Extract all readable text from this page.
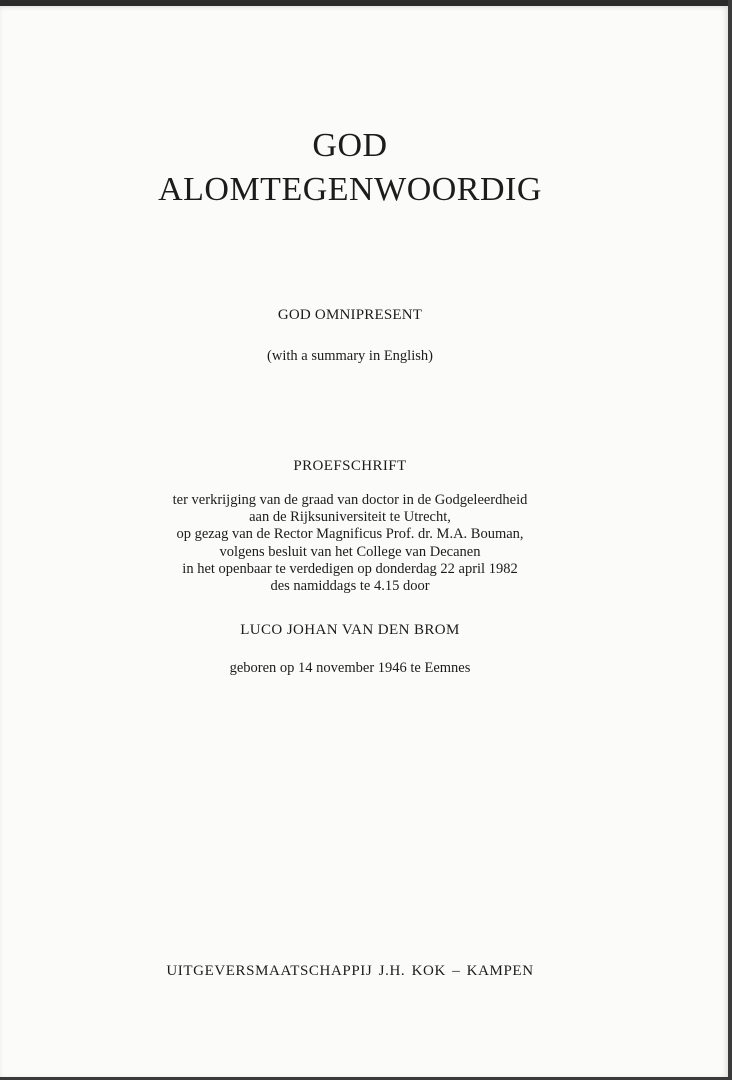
GOD
ALOMTEGENWOORDIG
GOD OMNIPRESENT
(with a summary in English)
PROEFSCHRIFT
ter verkrijging van de graad van doctor in de Godgeleerdheid
aan de Rijksuniversiteit te Utrecht,
op gezag van de Rector Magnificus Prof. dr. M.A. Bouman,
volgens besluit van het College van Decanen
in het openbaar te verdedigen op donderdag 22 april 1982
des namiddags te 4.15 door
LUCO JOHAN VAN DEN BROM
geboren op 14 november 1946 te Eemnes
UITGEVERSMAATSCHAPPIJ J.H. KOK – KAMPEN
